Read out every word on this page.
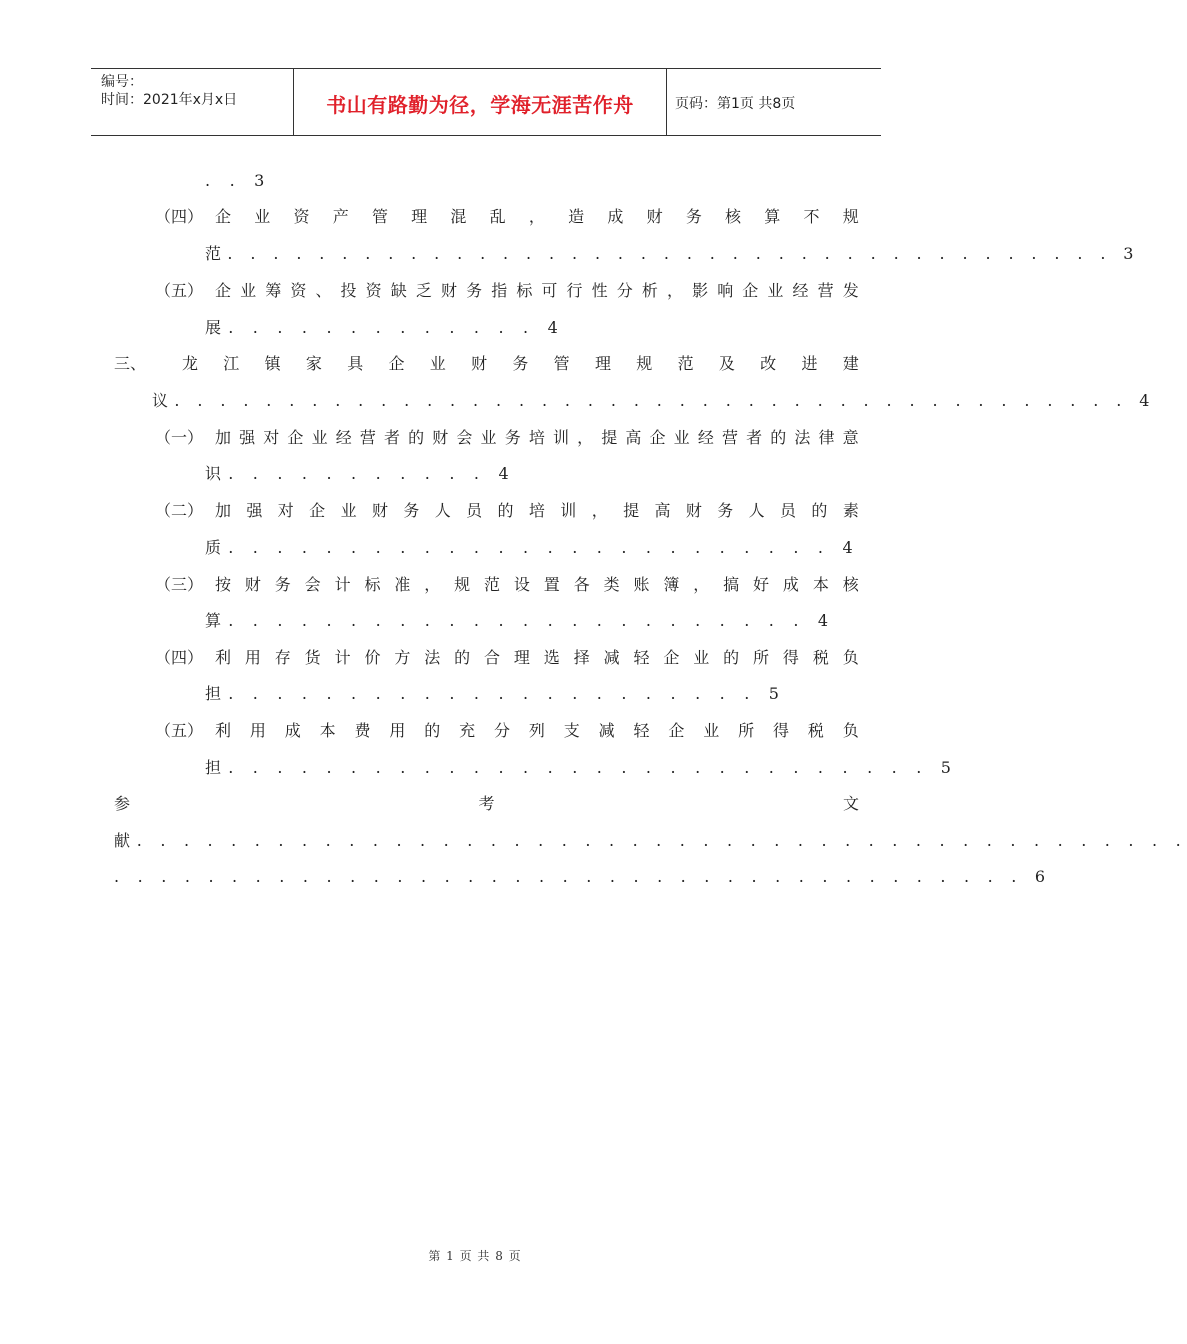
编号：
时间：2021年x月x日	书山有路勤为径，学海无涯苦作舟	页码：第1页 共8页
. . 3
（四） 企 业 资 产 管 理 混 乱 ， 造 成 财 务 核 算 不 规
范. . . . . . . . . . . . . . . . . . . . . . . . . . . . . . . . . . . . . . . 3
（五） 企 业 筹 资 、 投 资 缺 乏 财 务 指 标 可 行 性 分 析 ， 影 响 企 业 经 营 发
展. . . . . . . . . . . . . 4
三、 龙 江 镇 家 具 企 业 财 务 管 理 规 范 及 改 进 建
议. . . . . . . . . . . . . . . . . . . . . . . . . . . . . . . . . . . . . . . . . . 4
（一） 加 强 对 企 业 经 营 者 的 财 会 业 务 培 训 ， 提 高 企 业 经 营 者 的 法 律 意
识. . . . . . . . . . . 4
（二） 加 强 对 企 业 财 务 人 员 的 培 训 ， 提 高 财 务 人 员 的 素
质. . . . . . . . . . . . . . . . . . . . . . . . . 4
（三） 按 财 务 会 计 标 准 ， 规 范 设 置 各 类 账 簿 ， 搞 好 成 本 核
算. . . . . . . . . . . . . . . . . . . . . . . . 4
（四） 利 用 存 货 计 价 方 法 的 合 理 选 择 减 轻 企 业 的 所 得 税 负
担. . . . . . . . . . . . . . . . . . . . . . 5
（五） 利 用 成 本 费 用 的 充 分 列 支 减 轻 企 业 所 得 税 负
担. . . . . . . . . . . . . . . . . . . . . . . . . . . . . 5
参	考	文
献. . . . . . . . . . . . . . . . . . . . . . . . . . . . . . . . . . . . . . . . . . . . .
. . . . . . . . . . . . . . . . . . . . . . . . . . . . . . . . . . . . . . . 6
第 1 页 共 8 页
